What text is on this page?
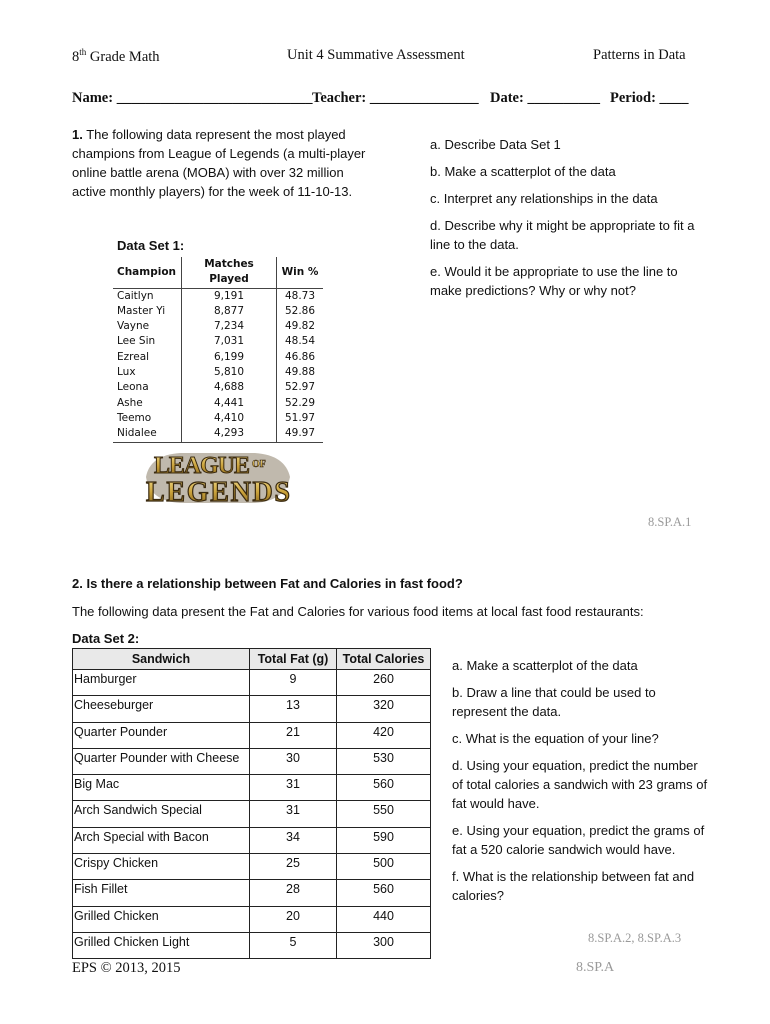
8th Grade Math	Unit 4 Summative Assessment	Patterns in Data
Name: ___________________________ Teacher: _______________ Date: __________ Period: ____
1. The following data represent the most played champions from League of Legends (a multi-player online battle arena (MOBA) with over 32 million active monthly players) for the week of 11-10-13.

a. Describe Data Set 1

b. Make a scatterplot of the data

c. Interpret any relationships in the data

d. Describe why it might be appropriate to fit a line to the data.

e. Would it be appropriate to use the line to make predictions? Why or why not?

Data Set 1:
Champion	Matches Played	Win %
Caitlyn	9,191	48.73
Master Yi	8,877	52.86
Vayne	7,234	49.82
Lee Sin	7,031	48.54
Ezreal	6,199	46.86
Lux	5,810	49.88
Leona	4,688	52.97
Ashe	4,441	52.29
Teemo	4,410	51.97
Nidalee	4,293	49.97
LEAGUE OF
LEGENDS
8.SP.A.1
2. Is there a relationship between Fat and Calories in fast food?
The following data present the Fat and Calories for various food items at local fast food restaurants:
Data Set 2:
Sandwich	Total Fat (g)	Total Calories
Hamburger	9	260
Cheeseburger	13	320
Quarter Pounder	21	420
Quarter Pounder with Cheese	30	530
Big Mac	31	560
Arch Sandwich Special	31	550
Arch Special with Bacon	34	590
Crispy Chicken	25	500
Fish Fillet	28	560
Grilled Chicken	20	440
Grilled Chicken Light	5	300

a. Make a scatterplot of the data

b. Draw a line that could be used to represent the data.

c. What is the equation of your line?

d. Using your equation, predict the number of total calories a sandwich with 23 grams of fat would have.

e. Using your equation, predict the grams of fat a 520 calorie sandwich would have.

f. What is the relationship between fat and calories?

8.SP.A.2, 8.SP.A.3
EPS © 2013, 2015	8.SP.A
